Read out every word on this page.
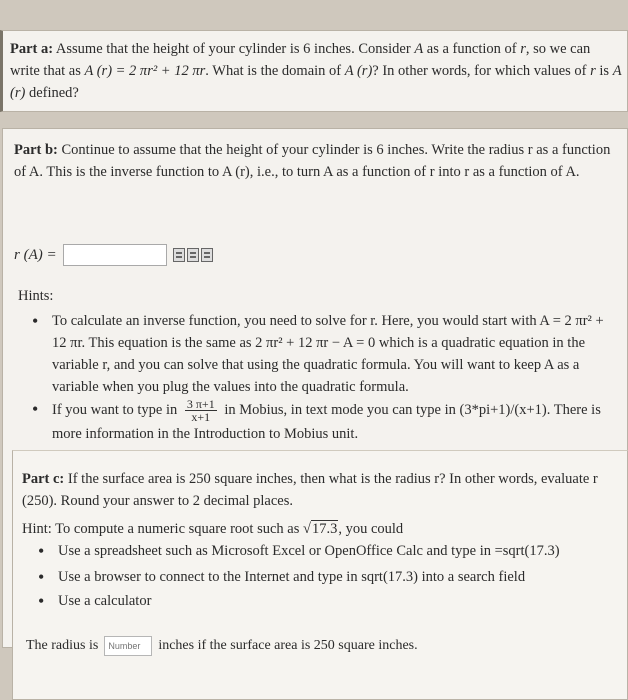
Part a: Assume that the height of your cylinder is 6 inches. Consider A as a function of r, so we can write that as A (r) = 2 πr² + 12 πr. What is the domain of A (r)? In other words, for which values of r is A (r) defined?

Part b: Continue to assume that the height of your cylinder is 6 inches. Write the radius r as a function of A. This is the inverse function to A (r), i.e., to turn A as a function of r into r as a function of A.

r (A) =
Hints:
• To calculate an inverse function, you need to solve for r. Here, you would start with A = 2 πr² + 12 πr. This equation is the same as 2 πr² + 12 πr − A = 0 which is a quadratic equation in the variable r, and you can solve that using the quadratic formula. You will want to keep A as a variable when you plug the values into the quadratic formula.
• If you want to type in $\frac{3 \pi+1}{x+1}$ in Mobius, in text mode you can type in (3*pi+1)/(x+1). There is more information in the Introduction to Mobius unit.

Part c: If the surface area is 250 square inches, then what is the radius r? In other words, evaluate r (250). Round your answer to 2 decimal places.

Hint: To compute a numeric square root such as √17.3, you could

• Use a spreadsheet such as Microsoft Excel or OpenOffice Calc and type in =sqrt(17.3)
• Use a browser to connect to the Internet and type in sqrt(17.3) into a search field
• Use a calculator
The radius is
Number	inches if the surface area is 250 square inches.
